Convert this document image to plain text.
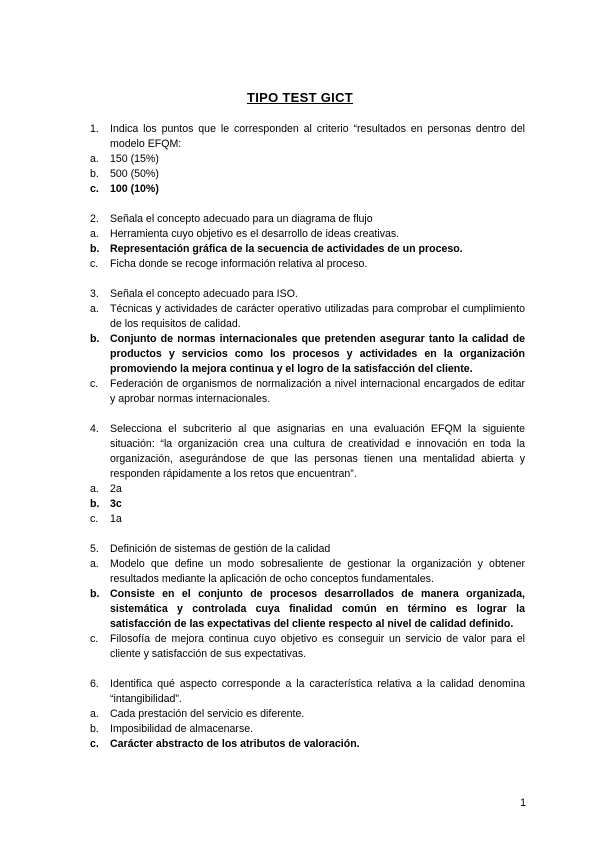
TIPO TEST GICT
1.	Indica los puntos que le corresponden al criterio “resultados en personas dentro del modelo EFQM:
a.	150 (15%)
b.	500 (50%)
c.	100 (10%)
2.	Señala el concepto adecuado para un diagrama de flujo
a.	Herramienta cuyo objetivo es el desarrollo de ideas creativas.
b. Representación gráfica de la secuencia de actividades de un proceso.
c.	Ficha donde se recoge información relativa al proceso.
3.	Señala el concepto adecuado para ISO.
a.	Técnicas y actividades de carácter operativo utilizadas para comprobar el cumplimiento de los requisitos de calidad.
b. Conjunto de normas internacionales que pretenden asegurar tanto la calidad de productos y servicios como los procesos y actividades en la organización promoviendo la mejora continua y el logro de la satisfacción del cliente.
c.	Federación de organismos de normalización a nivel internacional encargados de editar y aprobar normas internacionales.
4.	Selecciona el subcriterio al que asignarias en una evaluación EFQM la siguiente situación: “la organización crea una cultura de creatividad e innovación en toda la organización, asegurándose de que las personas tienen una mentalidad abierta y responden rápidamente a los retos que encuentran”.
a.	2a
b. 3c
c.	1a
5.	Definición de sistemas de gestión de la calidad
a.	Modelo que define un modo sobresaliente de gestionar la organización y obtener resultados mediante la aplicación de ocho conceptos fundamentales.
b. Consiste en el conjunto de procesos desarrollados de manera organizada, sistemática y controlada cuya finalidad común en término es lograr la satisfacción de las expectativas del cliente respecto al nivel de calidad definido.
c.	Filosofía de mejora continua cuyo objetivo es conseguir un servicio de valor para el cliente y satisfacción de sus expectativas.
6.	Identifica qué aspecto corresponde a la característica relativa a la calidad denomina “intangibilidad”.
a.	Cada prestación del servicio es diferente.
b.	Imposibilidad de almacenarse.
c.	Carácter abstracto de los atributos de valoración.
1
